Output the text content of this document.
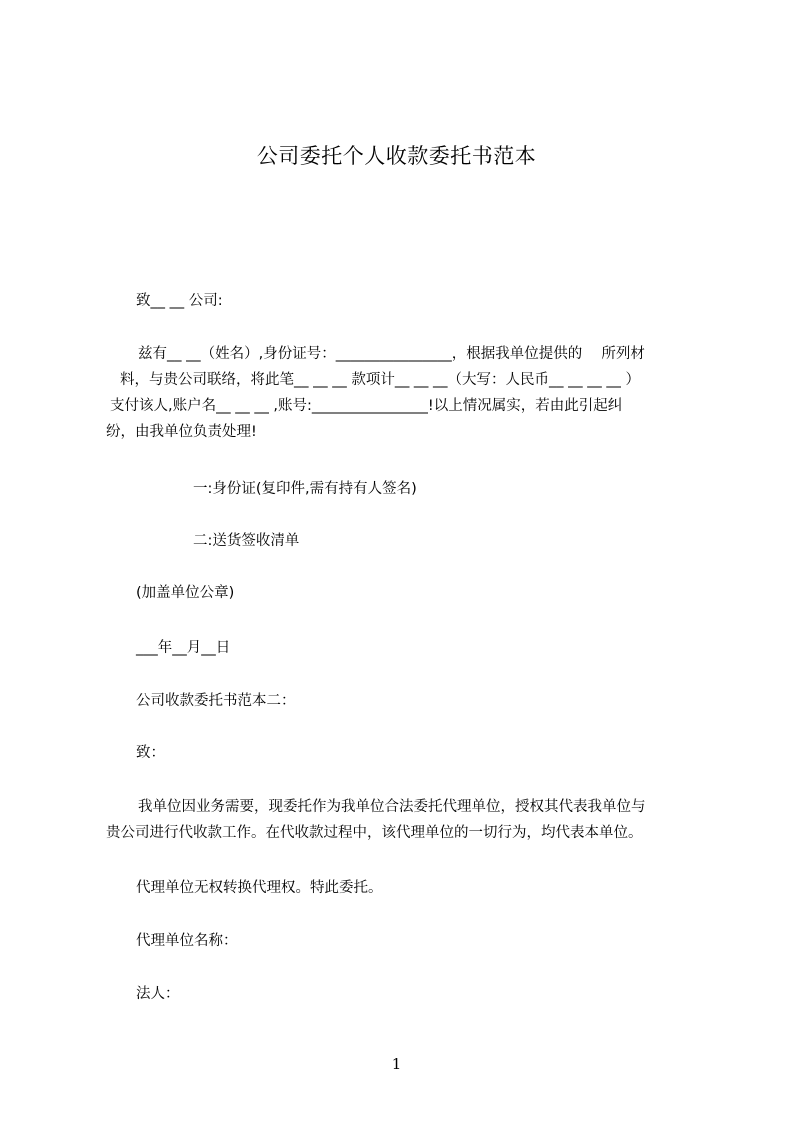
公司委托个人收款委托书范本
致__ __ 公司:
兹有__ __（姓名）,身份证号：________________，根据我单位提供的　 所列材
料，与贵公司联络，将此笔__ __ __ 款项计__ __ __（大写：人民币__ __ __ __ ）
支付该人,账户名__ __ __ ,账号:________________!以上情况属实，若由此引起纠
纷，由我单位负责处理!
一:身份证(复印件,需有持有人签名)
二:送货签收清单
(加盖单位公章)
___年__月__日
公司收款委托书范本二：
致：
我单位因业务需要，现委托作为我单位合法委托代理单位，授权其代表我单位与
贵公司进行代收款工作。在代收款过程中，该代理单位的一切行为，均代表本单位。
代理单位无权转换代理权。特此委托。
代理单位名称：
法人：
1
